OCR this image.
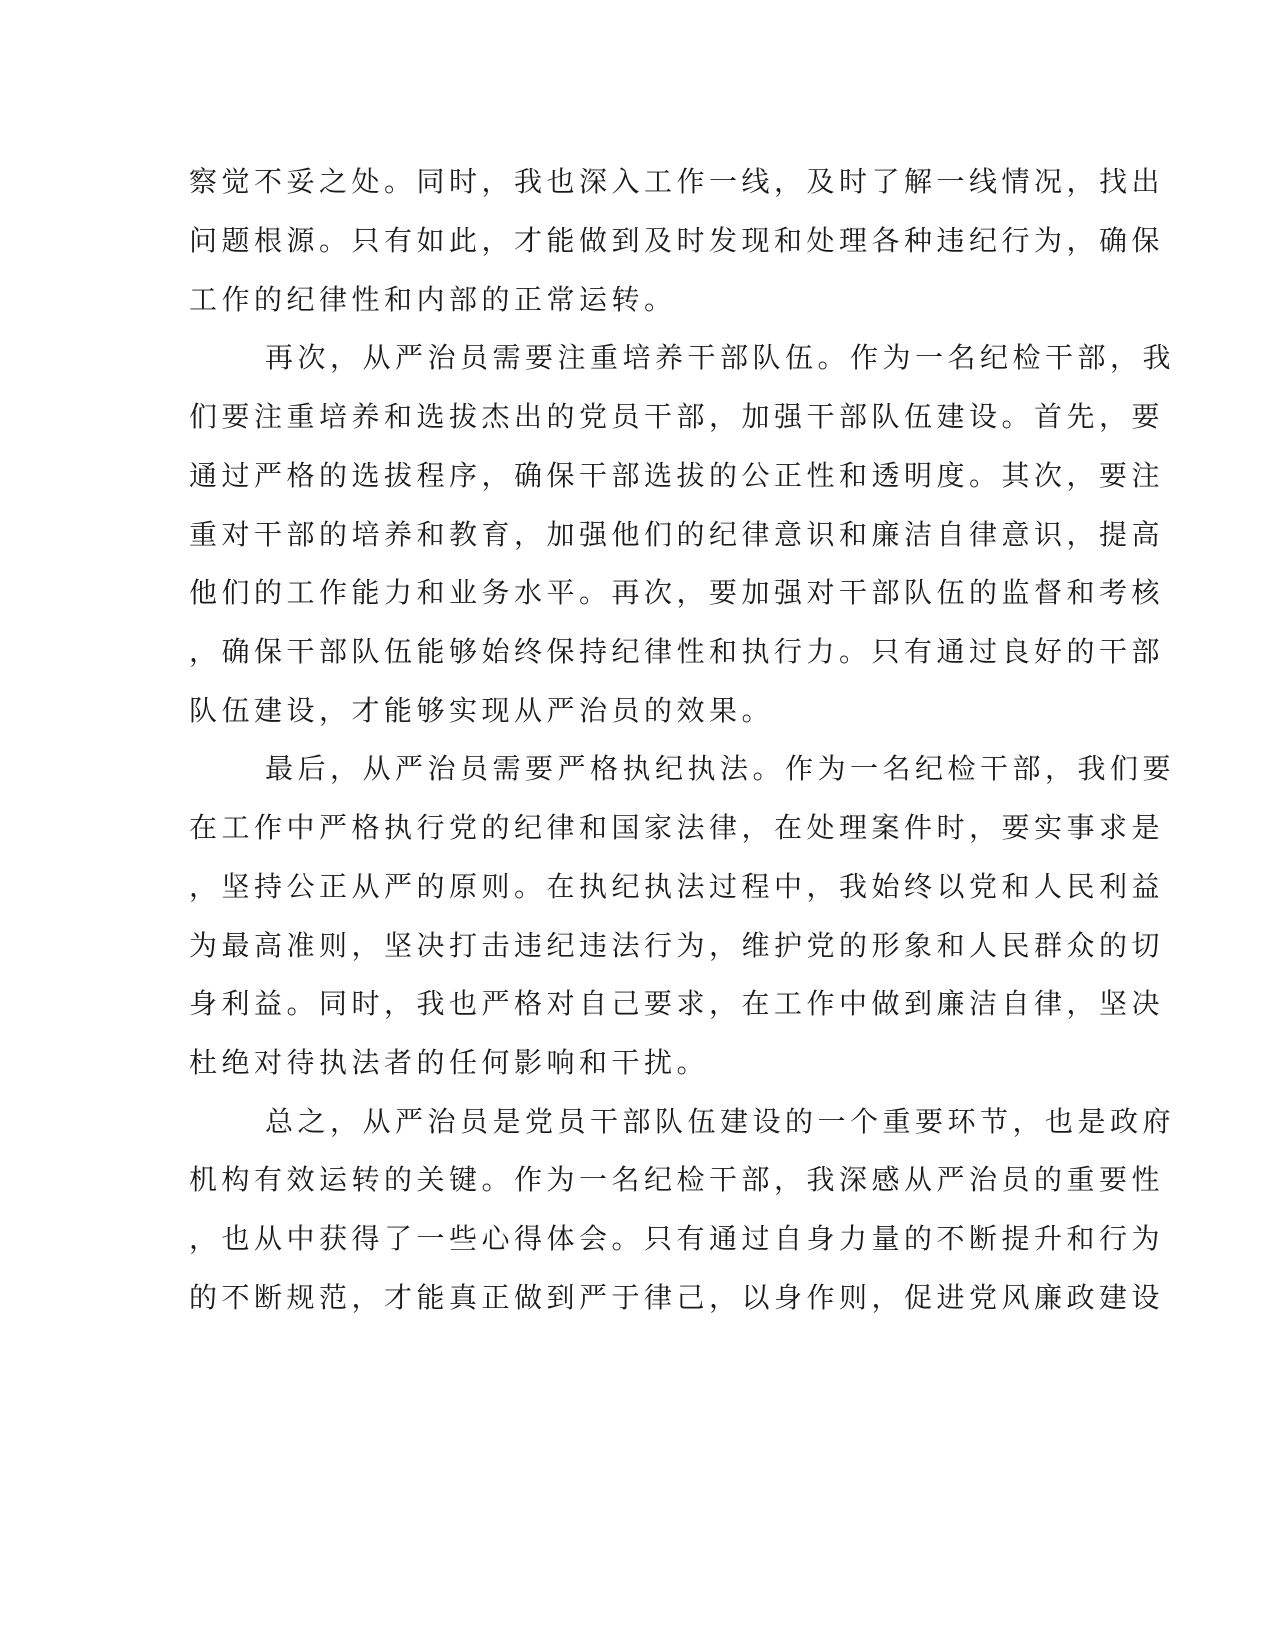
察觉不妥之处。同时，我也深入工作一线，及时了解一线情况，找出
问题根源。只有如此，才能做到及时发现和处理各种违纪行为，确保
工作的纪律性和内部的正常运转。
再次，从严治员需要注重培养干部队伍。作为一名纪检干部，我
们要注重培养和选拔杰出的党员干部，加强干部队伍建设。首先，要
通过严格的选拔程序，确保干部选拔的公正性和透明度。其次，要注
重对干部的培养和教育，加强他们的纪律意识和廉洁自律意识，提高
他们的工作能力和业务水平。再次，要加强对干部队伍的监督和考核
，确保干部队伍能够始终保持纪律性和执行力。只有通过良好的干部
队伍建设，才能够实现从严治员的效果。
最后，从严治员需要严格执纪执法。作为一名纪检干部，我们要
在工作中严格执行党的纪律和国家法律，在处理案件时，要实事求是
，坚持公正从严的原则。在执纪执法过程中，我始终以党和人民利益
为最高准则，坚决打击违纪违法行为，维护党的形象和人民群众的切
身利益。同时，我也严格对自己要求，在工作中做到廉洁自律，坚决
杜绝对待执法者的任何影响和干扰。
总之，从严治员是党员干部队伍建设的一个重要环节，也是政府
机构有效运转的关键。作为一名纪检干部，我深感从严治员的重要性
，也从中获得了一些心得体会。只有通过自身力量的不断提升和行为
的不断规范，才能真正做到严于律己，以身作则，促进党风廉政建设
